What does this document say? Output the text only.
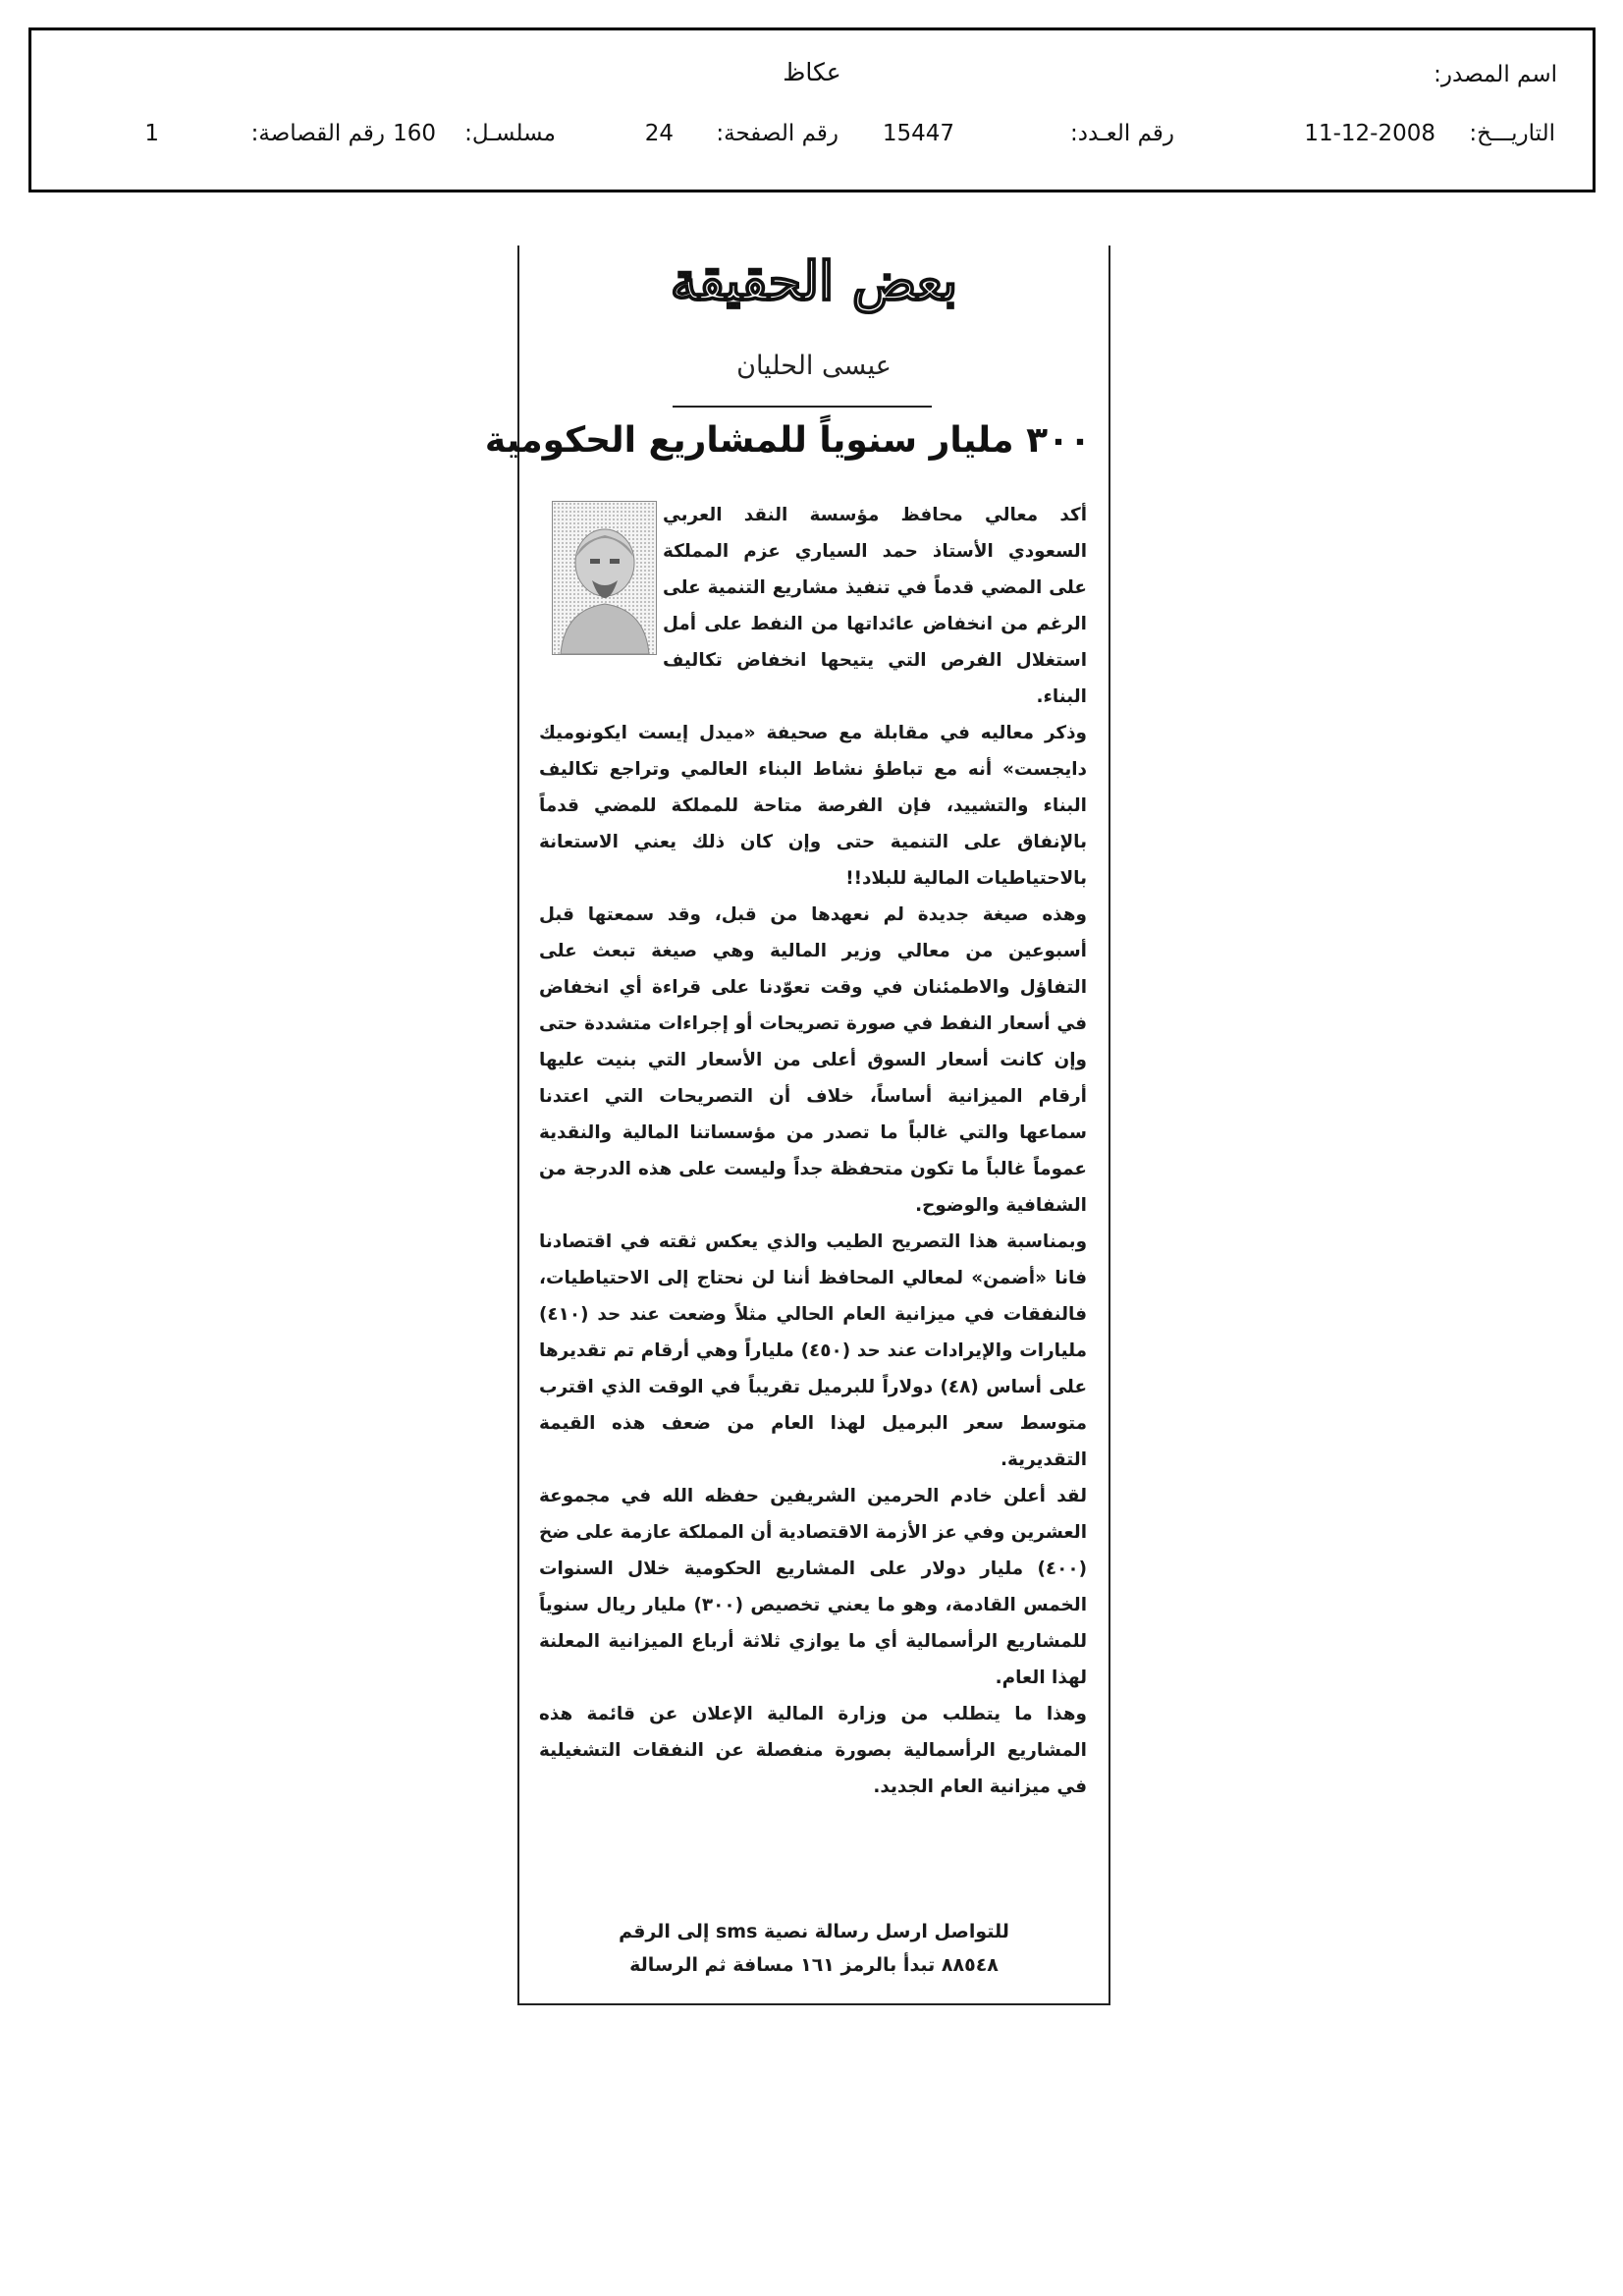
اسم المصدر:
عكاظ
التاريـــخ:
11-12-2008
رقم العـدد:
15447
رقم الصفحة:
24
مسلسـل:
160
رقم القصاصة:
1
بعض الحقيقة
عيسى الحليان
٣٠٠ مليار سنوياً للمشاريع الحكومية

أكد معالي محافظ مؤسسة النقد العربي السعودي الأستاذ حمد السياري عزم المملكة على المضي قدماً في تنفيذ مشاريع التنمية على الرغم من انخفاض عائداتها من النفط على أمل استغلال الفرص التي يتيحها انخفاض تكاليف البناء.

وذكر معاليه في مقابلة مع صحيفة «ميدل إيست ايكونوميك دايجست» أنه مع تباطؤ نشاط البناء العالمي وتراجع تكاليف البناء والتشييد، فإن الفرصة متاحة للمملكة للمضي قدماً بالإنفاق على التنمية حتى وإن كان ذلك يعني الاستعانة بالاحتياطيات المالية للبلاد!!

وهذه صيغة جديدة لم نعهدها من قبل، وقد سمعتها قبل أسبوعين من معالي وزير المالية وهي صيغة تبعث على التفاؤل والاطمئنان في وقت تعوّدنا على قراءة أي انخفاض في أسعار النفط في صورة تصريحات أو إجراءات متشددة حتى وإن كانت أسعار السوق أعلى من الأسعار التي بنيت عليها أرقام الميزانية أساساً، خلاف أن التصريحات التي اعتدنا سماعها والتي غالباً ما تصدر من مؤسساتنا المالية والنقدية عموماً غالباً ما تكون متحفظة جداً وليست على هذه الدرجة من الشفافية والوضوح.

وبمناسبة هذا التصريح الطيب والذي يعكس ثقته في اقتصادنا فانا «أضمن» لمعالي المحافظ أننا لن نحتاج إلى الاحتياطيات، فالنفقات في ميزانية العام الحالي مثلاً وضعت عند حد (٤١٠) مليارات والإيرادات عند حد (٤٥٠) ملياراً وهي أرقام تم تقديرها على أساس (٤٨) دولاراً للبرميل تقريباً في الوقت الذي اقترب متوسط سعر البرميل لهذا العام من ضعف هذه القيمة التقديرية.

لقد أعلن خادم الحرمين الشريفين حفظه الله في مجموعة العشرين وفي عز الأزمة الاقتصادية أن المملكة عازمة على ضخ (٤٠٠) مليار دولار على المشاريع الحكومية خلال السنوات الخمس القادمة، وهو ما يعني تخصيص (٣٠٠) مليار ريال سنوياً للمشاريع الرأسمالية أي ما يوازي ثلاثة أرباع الميزانية المعلنة لهذا العام.

وهذا ما يتطلب من وزارة المالية الإعلان عن قائمة هذه المشاريع الرأسمالية بصورة منفصلة عن النفقات التشغيلية في ميزانية العام الجديد.

للتواصل ارسل رسالة نصية sms إلى الرقم
٨٨٥٤٨ تبدأ بالرمز ١٦١ مسافة ثم الرسالة
